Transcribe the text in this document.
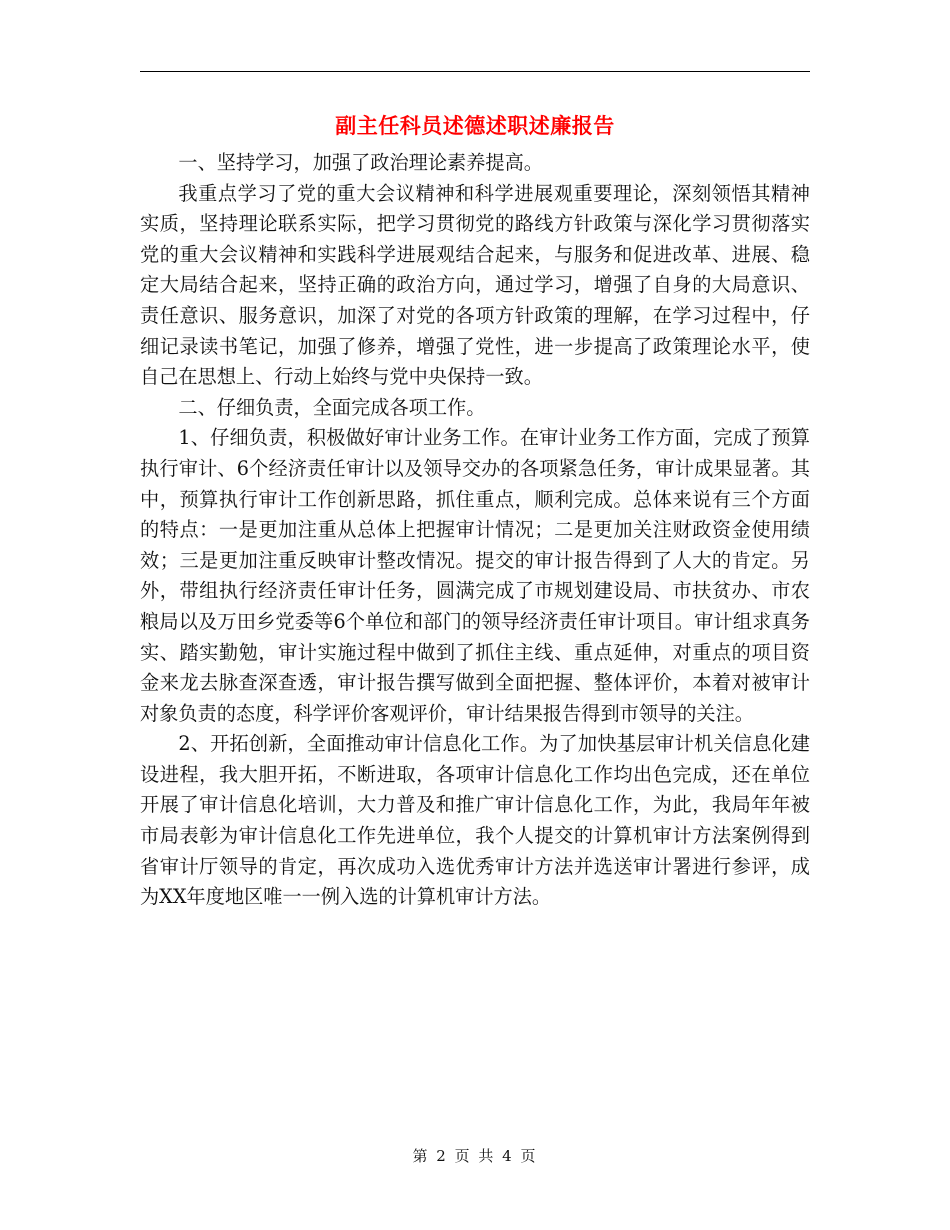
副主任科员述德述职述廉报告

一、坚持学习，加强了政治理论素养提高。

我重点学习了党的重大会议精神和科学进展观重要理论，深刻领悟其精神实质，坚持理论联系实际，把学习贯彻党的路线方针政策与深化学习贯彻落实党的重大会议精神和实践科学进展观结合起来，与服务和促进改革、进展、稳定大局结合起来，坚持正确的政治方向，通过学习，增强了自身的大局意识、责任意识、服务意识，加深了对党的各项方针政策的理解，在学习过程中，仔细记录读书笔记，加强了修养，增强了党性，进一步提高了政策理论水平，使自己在思想上、行动上始终与党中央保持一致。

二、仔细负责，全面完成各项工作。

1、仔细负责，积极做好审计业务工作。在审计业务工作方面，完成了预算执行审计、6个经济责任审计以及领导交办的各项紧急任务，审计成果显著。其中，预算执行审计工作创新思路，抓住重点，顺利完成。总体来说有三个方面的特点：一是更加注重从总体上把握审计情况；二是更加关注财政资金使用绩效；三是更加注重反映审计整改情况。提交的审计报告得到了人大的肯定。另外，带组执行经济责任审计任务，圆满完成了市规划建设局、市扶贫办、市农粮局以及万田乡党委等6个单位和部门的领导经济责任审计项目。审计组求真务实、踏实勤勉，审计实施过程中做到了抓住主线、重点延伸，对重点的项目资金来龙去脉查深查透，审计报告撰写做到全面把握、整体评价，本着对被审计对象负责的态度，科学评价客观评价，审计结果报告得到市领导的关注。

2、开拓创新，全面推动审计信息化工作。为了加快基层审计机关信息化建设进程，我大胆开拓，不断进取，各项审计信息化工作均出色完成，还在单位开展了审计信息化培训，大力普及和推广审计信息化工作，为此，我局年年被市局表彰为审计信息化工作先进单位，我个人提交的计算机审计方法案例得到省审计厅领导的肯定，再次成功入选优秀审计方法并选送审计署进行参评，成为XX年度地区唯一一例入选的计算机审计方法。

第 2 页 共 4 页
